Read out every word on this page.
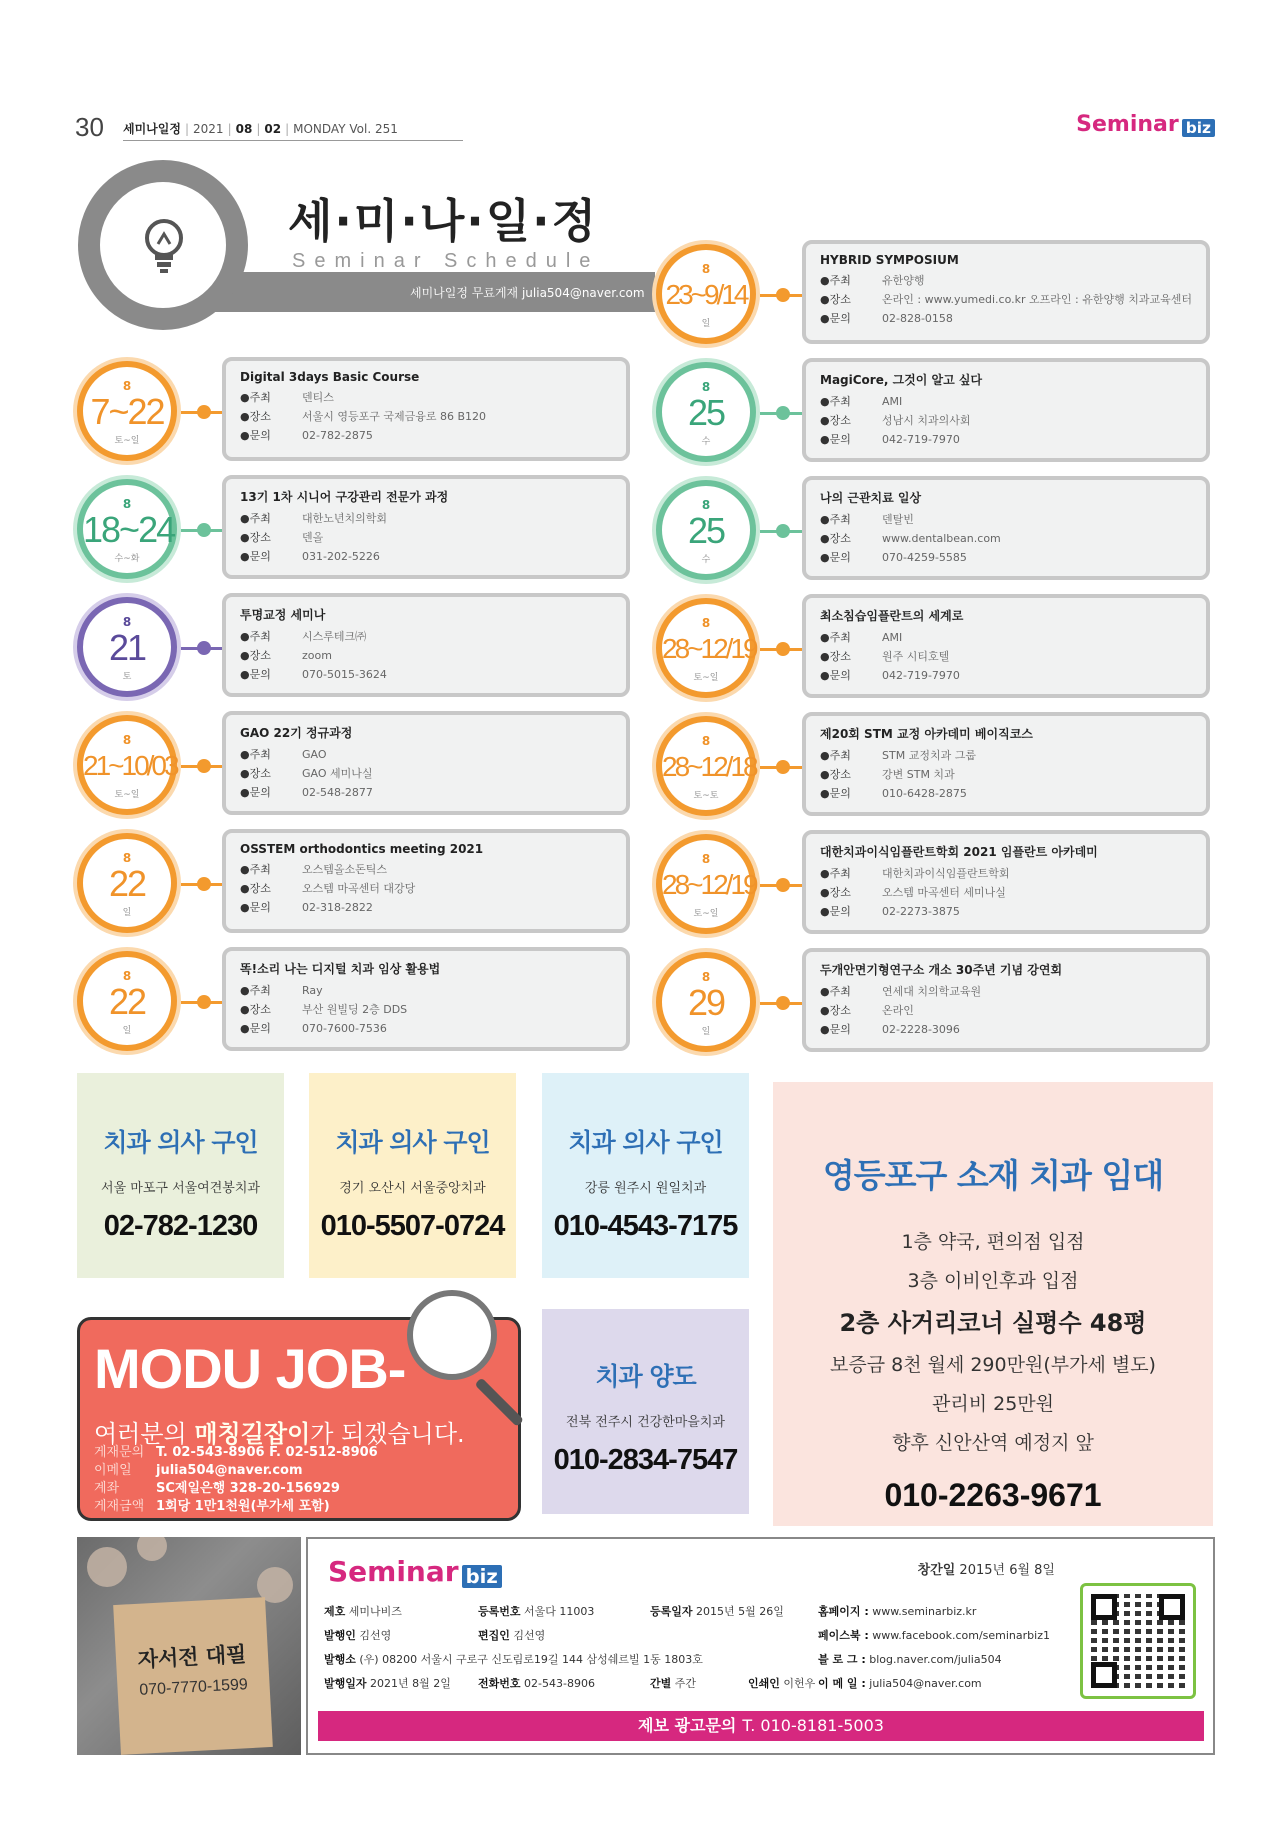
30 세미나일정 | 2021 | 08 | 02 | MONDAY Vol. 251	Seminar biz
세·미·나·일·정
Seminar Schedule
세미나일정 무료게재 julia504@naver.com
8
7~22
토~일
Digital 3days Basic Course
●주최	덴티스
●장소	서울시 영등포구 국제금융로 86 B120
●문의	02-782-2875
8
18~24
수~화
13기 1차 시니어 구강관리 전문가 과정
●주최	대한노년치의학회
●장소	덴올
●문의	031-202-5226
8
21
토
투명교정 세미나
●주최	시스루테크㈜
●장소	zoom
●문의	070-5015-3624
8
21~10/03
토~일
GAO 22기 정규과정
●주최	GAO
●장소	GAO 세미나실
●문의	02-548-2877
8
22
일
OSSTEM orthodontics meeting 2021
●주최	오스템올소돈틱스
●장소	오스템 마곡센터 대강당
●문의	02-318-2822
8
22
일
똑!소리 나는 디지털 치과 임상 활용법
●주최	Ray
●장소	부산 원빌딩 2층 DDS
●문의	070-7600-7536
8
23~9/14
일
HYBRID SYMPOSIUM
●주최	유한양행
●장소	온라인 : www.yumedi.co.kr 오프라인 : 유한양행 치과교육센터
●문의	02-828-0158
8
25
수
MagiCore, 그것이 알고 싶다
●주최	AMI
●장소	성남시 치과의사회
●문의	042-719-7970
8
25
수
나의 근관치료 일상
●주최	덴탈빈
●장소	www.dentalbean.com
●문의	070-4259-5585
8
28~12/19
토~일
최소침습임플란트의 세계로
●주최	AMI
●장소	원주 시티호텔
●문의	042-719-7970
8
28~12/18
토~토
제20회 STM 교정 아카데미 베이직코스
●주최	STM 교정치과 그룹
●장소	강변 STM 치과
●문의	010-6428-2875
8
28~12/19
토~일
대한치과이식임플란트학회 2021 임플란트 아카데미
●주최	대한치과이식임플란트학회
●장소	오스템 마곡센터 세미나실
●문의	02-2273-3875
8
29
일
두개안면기형연구소 개소 30주년 기념 강연회
●주최	연세대 치의학교육원
●장소	온라인
●문의	02-2228-3096
치과 의사 구인
서울 마포구 서울여견봉치과
02-782-1230
치과 의사 구인
경기 오산시 서울중앙치과
010-5507-0724
치과 의사 구인
강릉 원주시 원일치과
010-4543-7175
치과 양도
전북 전주시 건강한마을치과
010-2834-7547
영등포구 소재 치과 임대
1층 약국, 편의점 입점
3층 이비인후과 입점
2층 사거리코너 실평수 48평
보증금 8천 월세 290만원(부가세 별도)
관리비 25만원
향후 신안산역 예정지 앞
010-2263-9671
MODU JOB-
여러분의 매칭길잡이가 되겠습니다.
게재문의 T. 02-543-8906 F. 02-512-8906
이메일 julia504@naver.com
계좌	SC제일은행 328-20-156929
게재금액 1회당 1만1천원(부가세 포함)
자서전 대필
070-7770-1599
Seminar biz	창간일 2015년 6월 8일
제호 세미나비즈	등록번호 서울다 11003	등록일자 2015년 5월 26일
발행인 김선영	편집인 김선영
발행소 (우) 08200 서울시 구로구 신도림로19길 144 삼성쉐르빌 1동 1803호
발행일자 2021년 8월 2일 전화번호 02-543-8906	간별 주간	인쇄인 이헌우
홈페이지 : www.seminarbiz.kr
페이스북 : www.facebook.com/seminarbiz1
블 로 그 : blog.naver.com/julia504
이 메 일 : julia504@naver.com
제보 광고문의 T. 010-8181-5003
